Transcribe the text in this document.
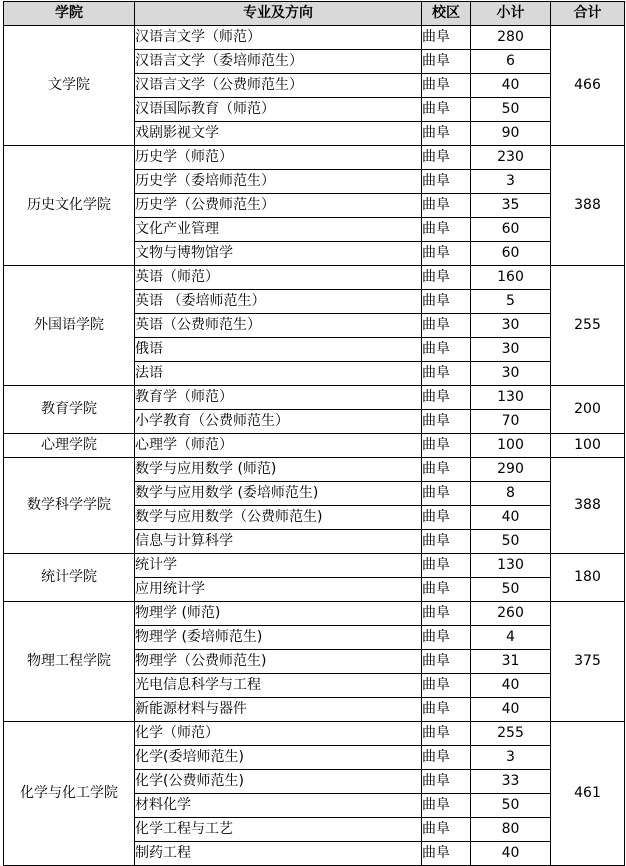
学院	专业及方向	校区	小计	合计
文学院	汉语言文学（师范）	曲阜	280	466
	汉语言文学（委培师范生）	曲阜	6	
	汉语言文学（公费师范生）	曲阜	40	
	汉语国际教育（师范）	曲阜	50	
	戏剧影视文学	曲阜	90	
历史文化学院	历史学（师范）	曲阜	230	388
	历史学（委培师范生）	曲阜	3	
	历史学（公费师范生）	曲阜	35	
	文化产业管理	曲阜	60	
	文物与博物馆学	曲阜	60	
外国语学院	英语（师范）	曲阜	160	255
	英语 （委培师范生）	曲阜	5	
	英语（公费师范生）	曲阜	30	
	俄语	曲阜	30	
	法语	曲阜	30	
教育学院	教育学（师范）	曲阜	130	200
	小学教育（公费师范生）	曲阜	70	
心理学院	心理学（师范）	曲阜	100	100
数学科学学院	数学与应用数学 (师范)	曲阜	290	388
	数学与应用数学 (委培师范生)	曲阜	8	
	数学与应用数学（公费师范生)	曲阜	40	
	信息与计算科学	曲阜	50	
统计学院	统计学	曲阜	130	180
	应用统计学	曲阜	50	
物理工程学院	物理学 (师范)	曲阜	260	375
	物理学 (委培师范生)	曲阜	4	
	物理学（公费师范生)	曲阜	31	
	光电信息科学与工程	曲阜	40	
	新能源材料与器件	曲阜	40	
化学与化工学院	化学（师范）	曲阜	255	461
	化学(委培师范生)	曲阜	3	
	化学(公费师范生)	曲阜	33	
	材料化学	曲阜	50	
	化学工程与工艺	曲阜	80	
	制药工程	曲阜	40	
